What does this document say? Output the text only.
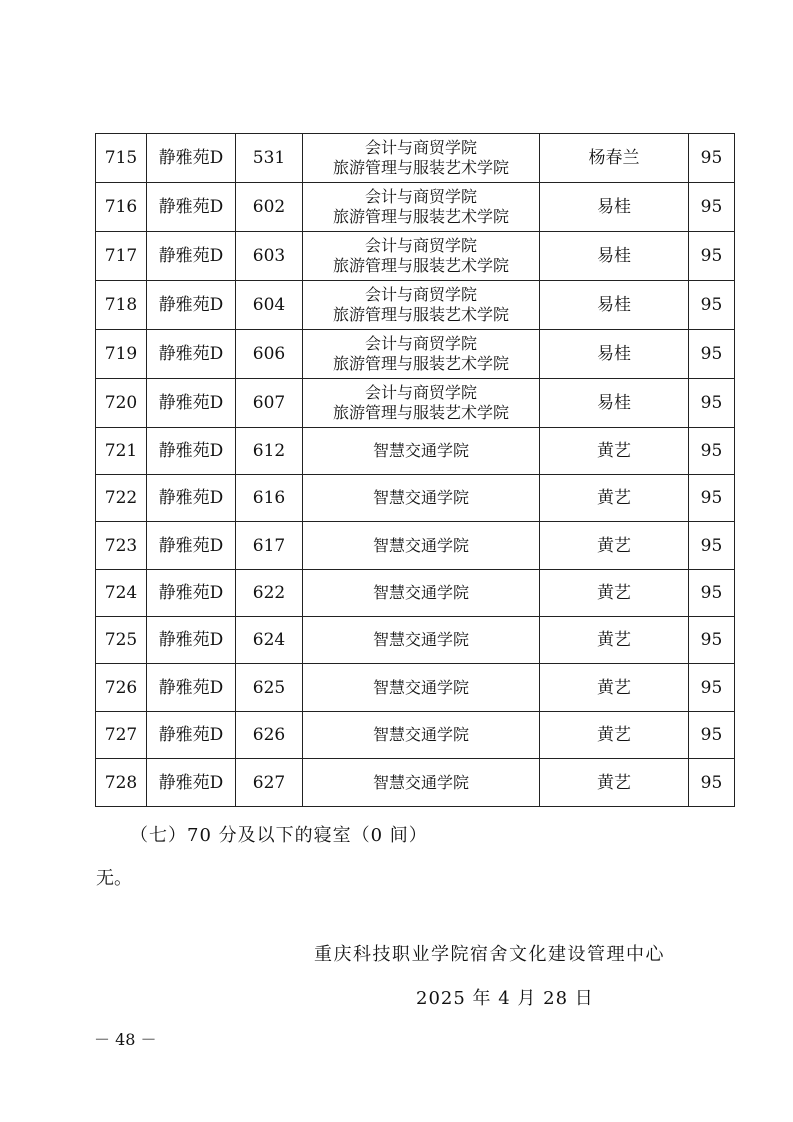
715	静雅苑D	531	会计与商贸学院
旅游管理与服装艺术学院	杨春兰	95
716	静雅苑D	602	会计与商贸学院
旅游管理与服装艺术学院	易桂	95
717	静雅苑D	603	会计与商贸学院
旅游管理与服装艺术学院	易桂	95
718	静雅苑D	604	会计与商贸学院
旅游管理与服装艺术学院	易桂	95
719	静雅苑D	606	会计与商贸学院
旅游管理与服装艺术学院	易桂	95
720	静雅苑D	607	会计与商贸学院
旅游管理与服装艺术学院	易桂	95
721	静雅苑D	612	智慧交通学院	黄艺	95
722	静雅苑D	616	智慧交通学院	黄艺	95
723	静雅苑D	617	智慧交通学院	黄艺	95
724	静雅苑D	622	智慧交通学院	黄艺	95
725	静雅苑D	624	智慧交通学院	黄艺	95
726	静雅苑D	625	智慧交通学院	黄艺	95
727	静雅苑D	626	智慧交通学院	黄艺	95
728	静雅苑D	627	智慧交通学院	黄艺	95
（七）70 分及以下的寝室（0 间）
无。
重庆科技职业学院宿舍文化建设管理中心
2025 年 4 月 28 日
－ 48 －
